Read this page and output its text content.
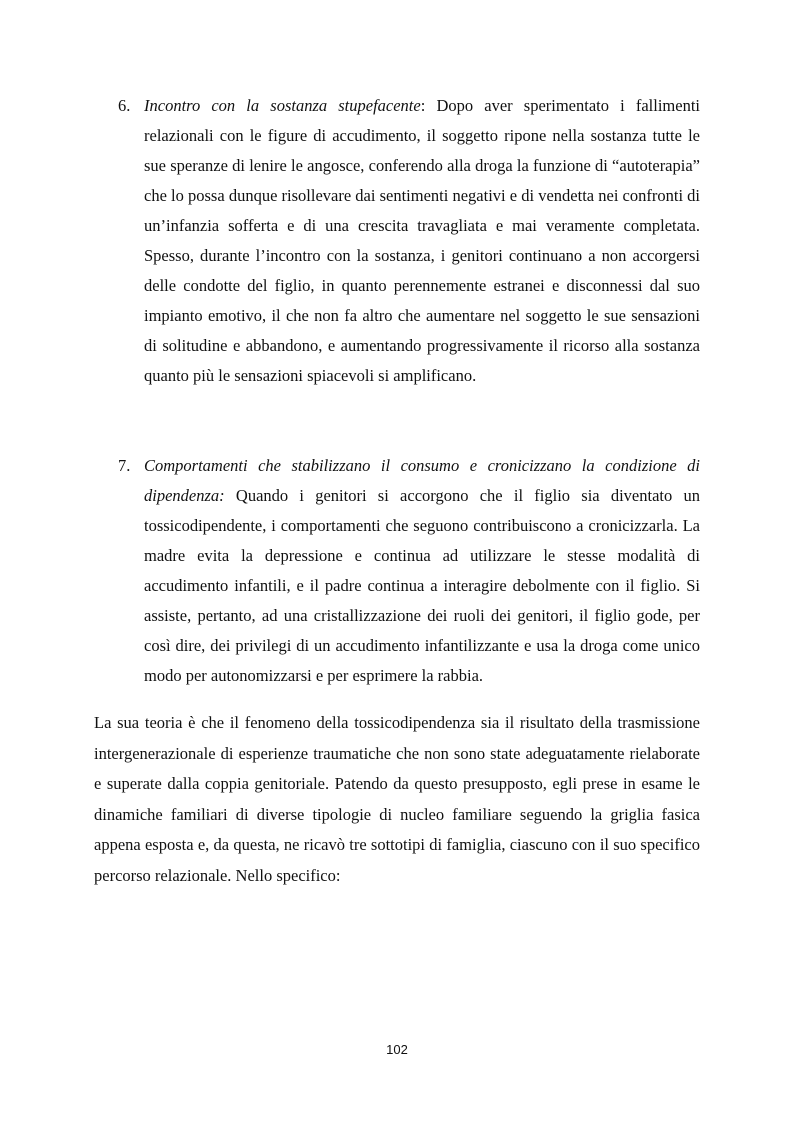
6. Incontro con la sostanza stupefacente: Dopo aver sperimentato i fallimenti relazionali con le figure di accudimento, il soggetto ripone nella sostanza tutte le sue speranze di lenire le angosce, conferendo alla droga la funzione di “autoterapia” che lo possa dunque risollevare dai sentimenti negativi e di vendetta nei confronti di un’infanzia sofferta e di una crescita travagliata e mai veramente completata. Spesso, durante l’incontro con la sostanza, i genitori continuano a non accorgersi delle condotte del figlio, in quanto perennemente estranei e disconnessi dal suo impianto emotivo, il che non fa altro che aumentare nel soggetto le sue sensazioni di solitudine e abbandono, e aumentando progressivamente il ricorso alla sostanza quanto più le sensazioni spiacevoli si amplificano.
7. Comportamenti che stabilizzano il consumo e cronicizzano la condizione di dipendenza: Quando i genitori si accorgono che il figlio sia diventato un tossicodipendente, i comportamenti che seguono contribuiscono a cronicizzarla. La madre evita la depressione e continua ad utilizzare le stesse modalità di accudimento infantili, e il padre continua a interagire debolmente con il figlio. Si assiste, pertanto, ad una cristallizzazione dei ruoli dei genitori, il figlio gode, per così dire, dei privilegi di un accudimento infantilizzante e usa la droga come unico modo per autonomizzarsi e per esprimere la rabbia.

La sua teoria è che il fenomeno della tossicodipendenza sia il risultato della trasmissione intergenerazionale di esperienze traumatiche che non sono state adeguatamente rielaborate e superate dalla coppia genitoriale. Patendo da questo presupposto, egli prese in esame le dinamiche familiari di diverse tipologie di nucleo familiare seguendo la griglia fasica appena esposta e, da questa, ne ricavò tre sottotipi di famiglia, ciascuno con il suo specifico percorso relazionale. Nello specifico:

102
